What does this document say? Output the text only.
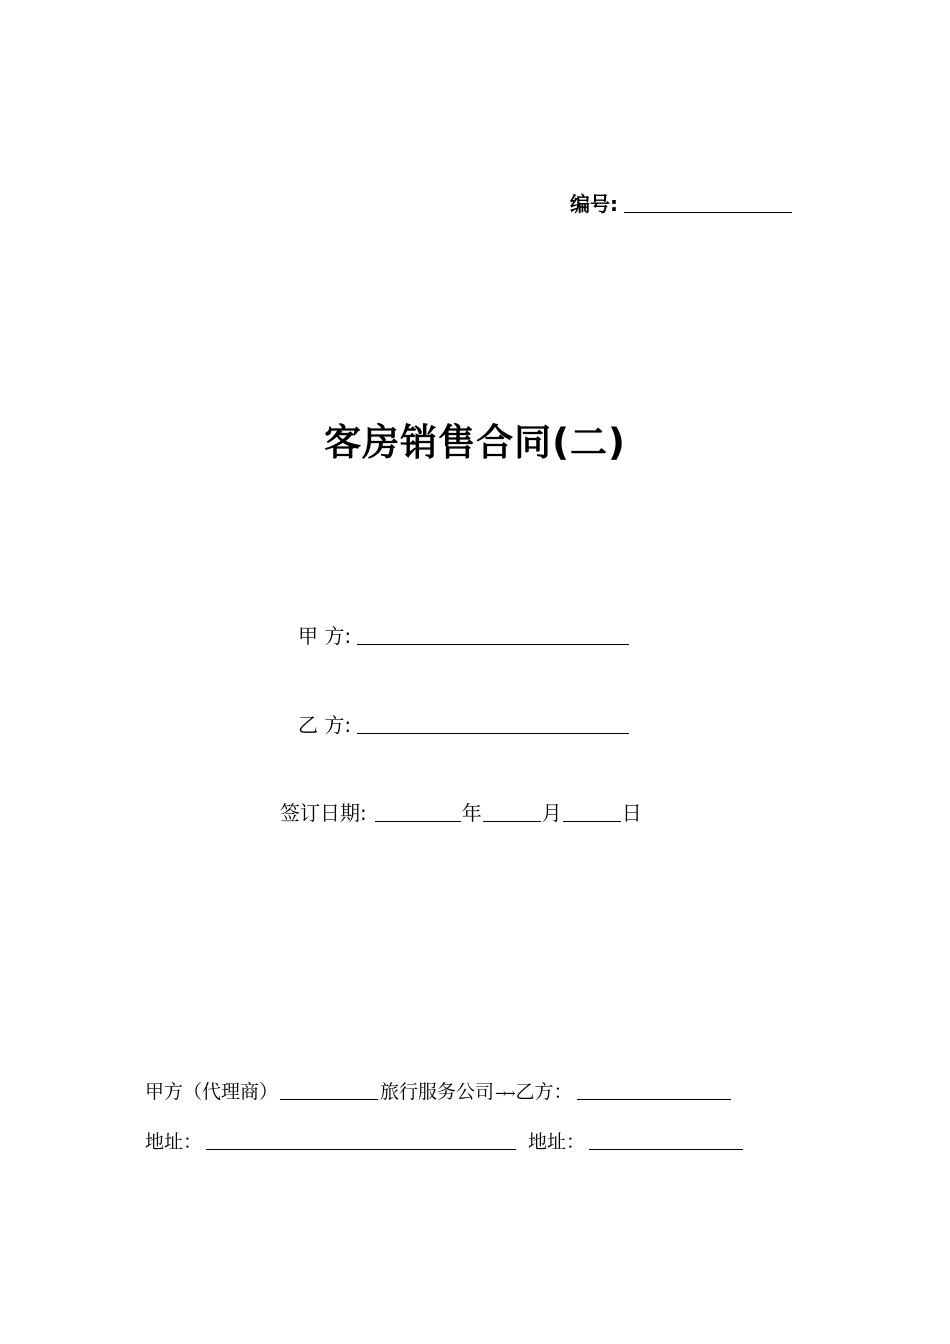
编号:
客房销售合同(二)
甲 方:
乙 方:
签订日期:	年	月	日
甲方（代理商）	旅行服务公司→→ 乙方：
地址：	地址：
